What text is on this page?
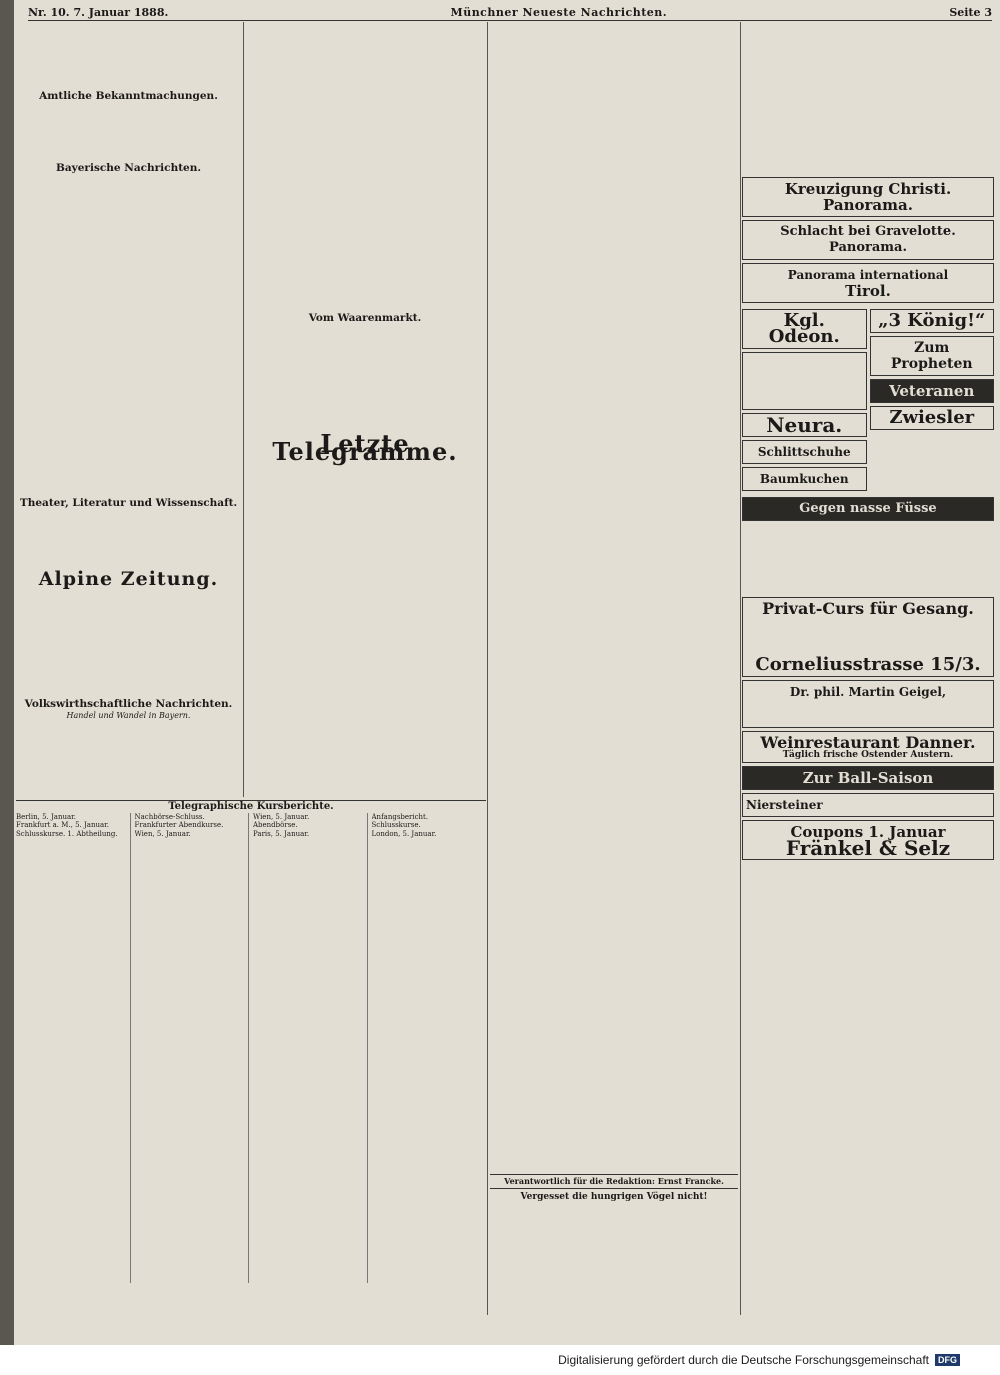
Nr. 10. 7. Januar 1888.	Münchner Neueste Nachrichten.	Seite 3
Amtliche Bekanntmachungen.
Bayerische Nachrichten.
Theater, Literatur und Wissenschaft.
Alpine Zeitung.
Volkswirthschaftliche Nachrichten.
Handel und Wandel in Bayern.
Vom Waarenmarkt.
Letzte Telegramme.
Telegraphische Kursberichte.
Berlin, 5. Januar.
Frankfurt a. M., 5. Januar.
Schlusskurse. 1. Abtheilung.
Nachbörse-Schluss.
Frankfurter Abendkurse.
Wien, 5. Januar.
Wien, 5. Januar.
Abendbörse.
Paris, 5. Januar.
Anfangsbericht.
Schlusskurse.
London, 5. Januar.
Verantwortlich für die Redaktion: Ernst Francke.
Vergesset die hungrigen Vögel nicht!
Kreuzigung Christi. Panorama.
Schlacht bei Gravelotte. Panorama.
Panorama international
Tirol.
Kgl. Odeon.
Neura.
Schlittschuhe
Baumkuchen
„3 König!“
Zum Propheten
Veteranen
Zwiesler
Gegen nasse Füsse
Privat-Curs für Gesang.
Corneliusstrasse 15/3.
Dr. phil. Martin Geigel,
Weinrestaurant Danner.
Täglich frische Ostender Austern.
Zur Ball-Saison
Niersteiner
Coupons 1. Januar
Fränkel & Selz
Digitalisierung gefördert durch die Deutsche Forschungsgemeinschaft	DFG
